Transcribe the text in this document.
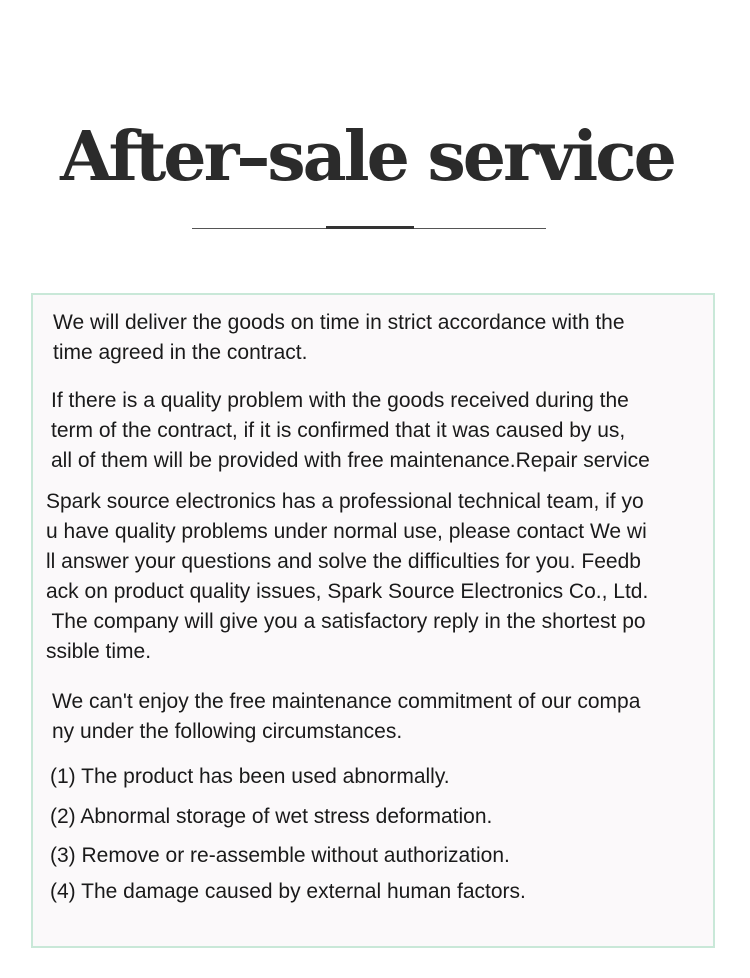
After–sale service

We will deliver the goods on time in strict accordance with the
time agreed in the contract.

If there is a quality problem with the goods received during the
term of the contract, if it is confirmed that it was caused by us,
all of them will be provided with free maintenance.Repair service

Spark source electronics has a professional technical team, if yo
u have quality problems under normal use, please contact We wi
ll answer your questions and solve the difficulties for you. Feedb
ack on product quality issues, Spark Source Electronics Co., Ltd.
The company will give you a satisfactory reply in the shortest po
ssible time.

We can't enjoy the free maintenance commitment of our compa
ny under the following circumstances.

(1) The product has been used abnormally.

(2) Abnormal storage of wet stress deformation.

(3) Remove or re-assemble without authorization.

(4) The damage caused by external human factors.
